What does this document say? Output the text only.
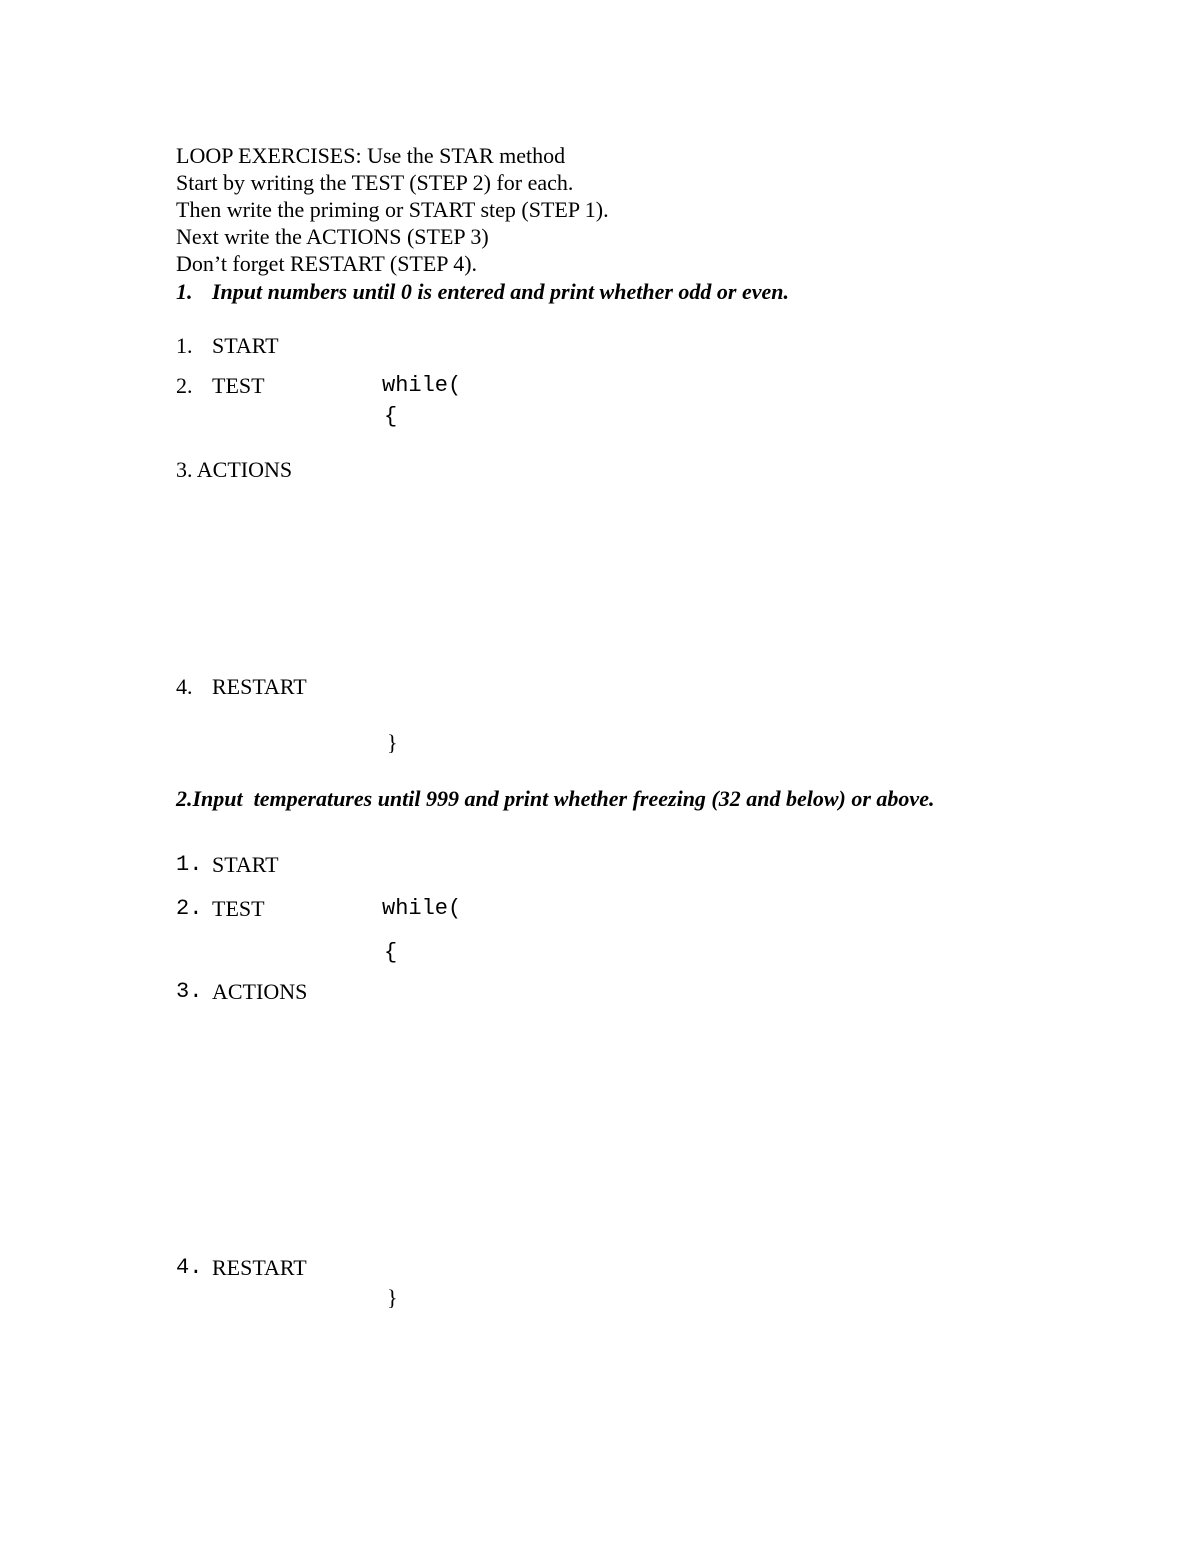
LOOP EXERCISES: Use the STAR method
Start by writing the TEST (STEP 2) for each.
Then write the priming or START step (STEP 1).
Next write the ACTIONS (STEP 3)
Don’t forget RESTART (STEP 4).
1. Input numbers until 0 is entered and print whether odd or even.
1. START
2. TEST	while(
{
3. ACTIONS
4. RESTART
}
2.Input  temperatures until 999 and print whether freezing (32 and below) or above.
1. START
2. TEST	while(
{
3. ACTIONS
4. RESTART
}
